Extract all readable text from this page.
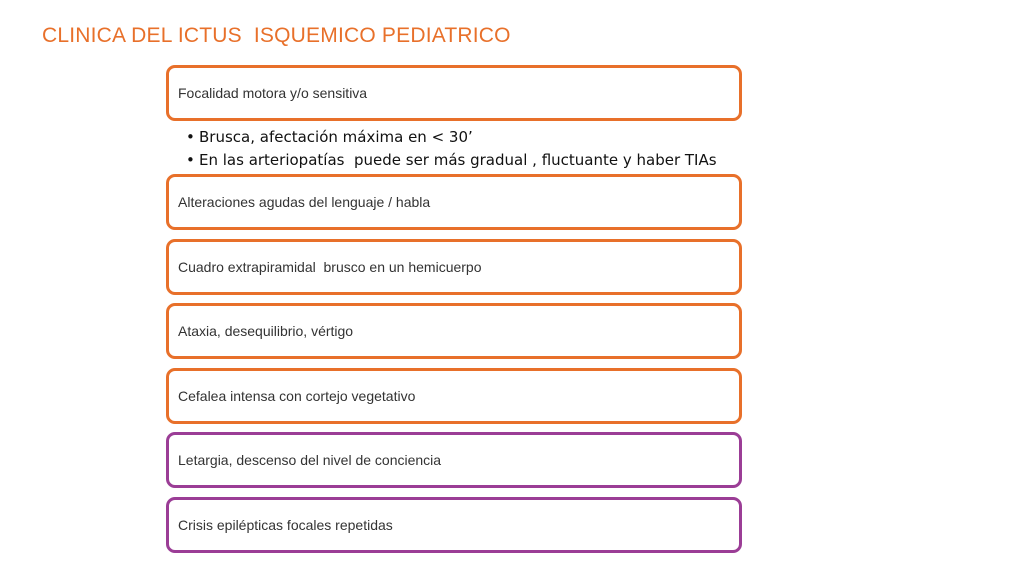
CLINICA DEL ICTUS  ISQUEMICO PEDIATRICO
Focalidad motora y/o sensitiva
• Brusca, afectación máxima en < 30’
• En las arteriopatías  puede ser más gradual , fluctuante y haber TIAs
Alteraciones agudas del lenguaje / habla
Cuadro extrapiramidal  brusco en un hemicuerpo
Ataxia, desequilibrio, vértigo
Cefalea intensa con cortejo vegetativo
Letargia, descenso del nivel de conciencia
Crisis epilépticas focales repetidas
